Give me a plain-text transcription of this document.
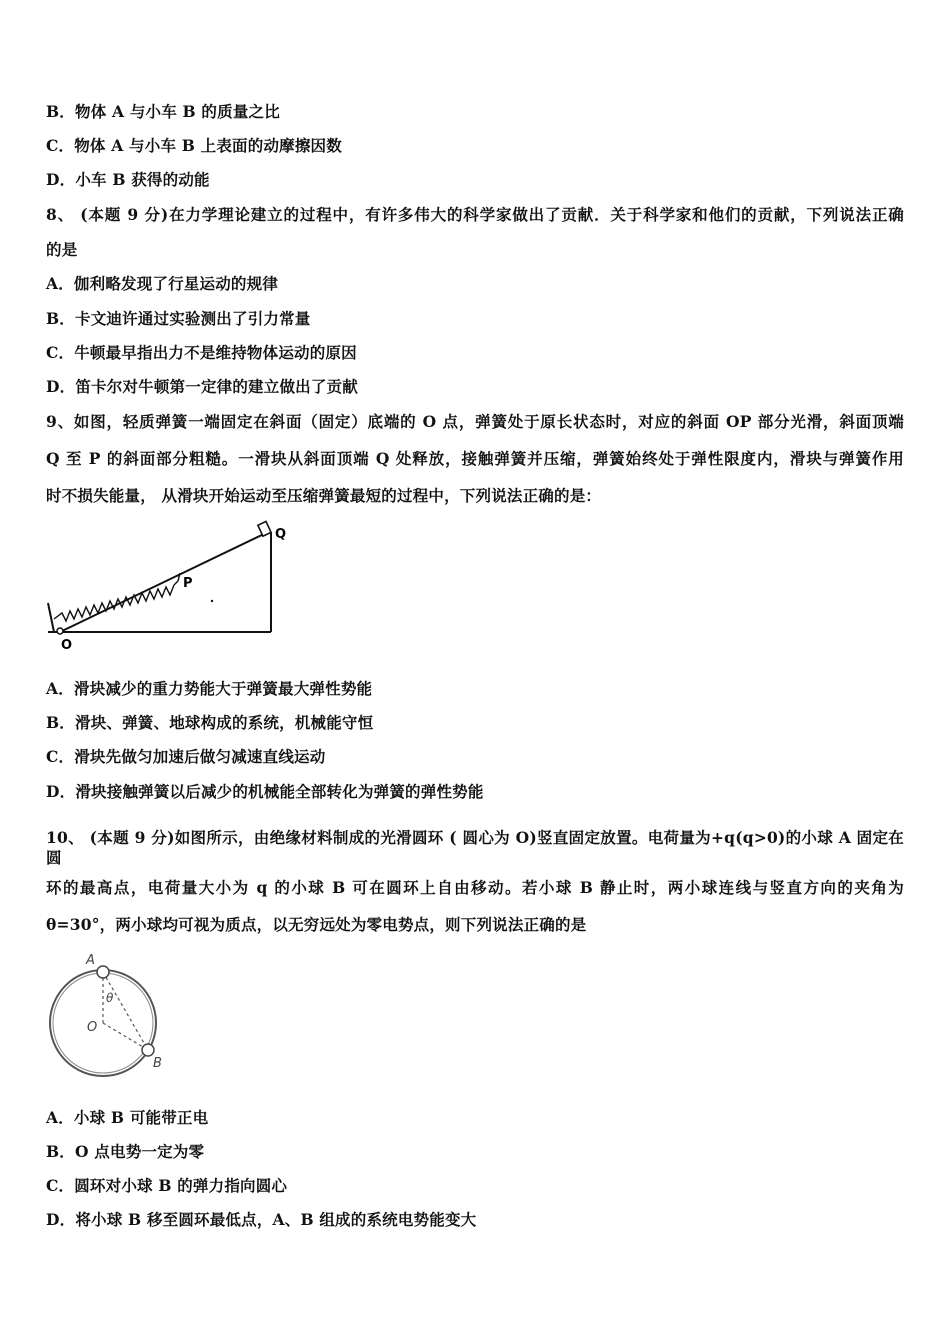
B．物体 A 与小车 B 的质量之比
C．物体 A 与小车 B 上表面的动摩擦因数
D．小车 B 获得的动能
8、 (本题 9 分)在力学理论建立的过程中，有许多伟大的科学家做出了贡献．关于科学家和他们的贡献，下列说法正确
的是
A．伽利略发现了行星运动的规律
B．卡文迪许通过实验测出了引力常量
C．牛顿最早指出力不是维持物体运动的原因
D．笛卡尔对牛顿第一定律的建立做出了贡献
9、如图，轻质弹簧一端固定在斜面（固定）底端的 O 点，弹簧处于原长状态时，对应的斜面 OP 部分光滑，斜面顶端
Q 至 P 的斜面部分粗糙。一滑块从斜面顶端 Q 处释放，接触弹簧并压缩，弹簧始终处于弹性限度内，滑块与弹簧作用
时不损失能量， 从滑块开始运动至压缩弹簧最短的过程中，下列说法正确的是：
O
P
Q
A．滑块减少的重力势能大于弹簧最大弹性势能
B．滑块、弹簧、地球构成的系统，机械能守恒
C．滑块先做匀加速后做匀减速直线运动
D．滑块接触弹簧以后减少的机械能全部转化为弹簧的弹性势能
10、 (本题 9 分)如图所示，由绝缘材料制成的光滑圆环 ( 圆心为 O)竖直固定放置。电荷量为+q(q>0)的小球 A 固定在圆
环的最高点，电荷量大小为 q 的小球 B 可在圆环上自由移动。若小球 B 静止时，两小球连线与竖直方向的夹角为
θ=30°，两小球均可视为质点，以无穷远处为零电势点，则下列说法正确的是
A
B
O
θ
A．小球 B 可能带正电
B．O 点电势一定为零
C．圆环对小球 B 的弹力指向圆心
D．将小球 B 移至圆环最低点，A、B 组成的系统电势能变大
